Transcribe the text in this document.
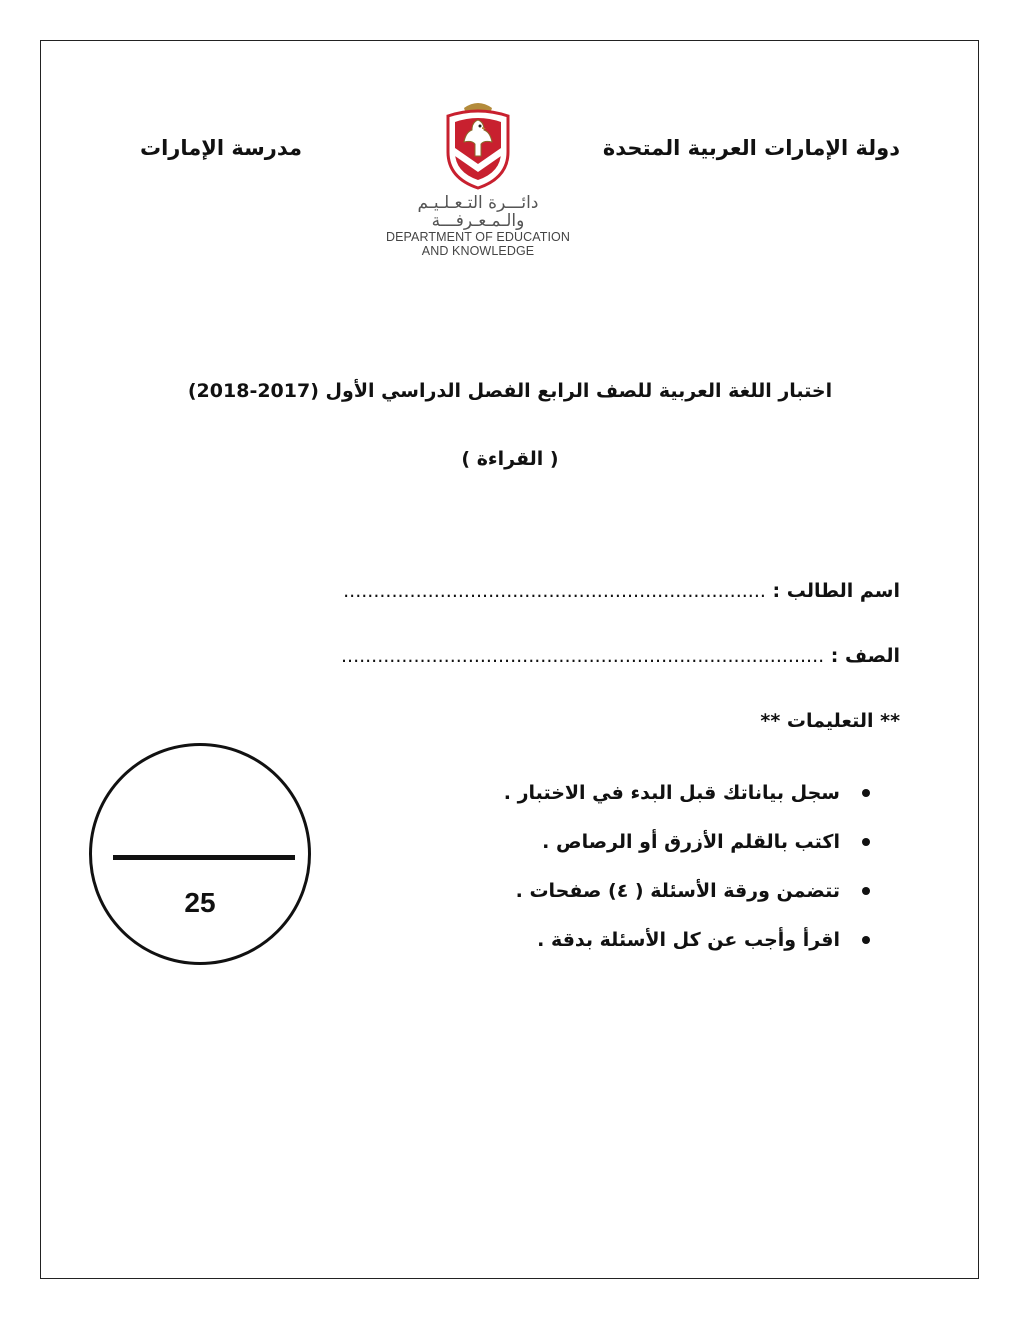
دولة الإمارات العربية المتحدة
مدرسة الإمارات
دائـــرة التـعـلـيـم والـمـعـرفـــة
DEPARTMENT OF EDUCATION
AND KNOWLEDGE
اختبار اللغة العربية للصف الرابع الفصل الدراسي الأول (2017-2018)
( القراءة )
اسم الطالب : ......................................................................
الصف : ................................................................................
** التعليمات **
سجل بياناتك قبل البدء في الاختبار .
اكتب بالقلم الأزرق أو الرصاص .
تتضمن ورقة الأسئلة ( ٤) صفحات .
اقرأ وأجب عن كل الأسئلة بدقة .
25
